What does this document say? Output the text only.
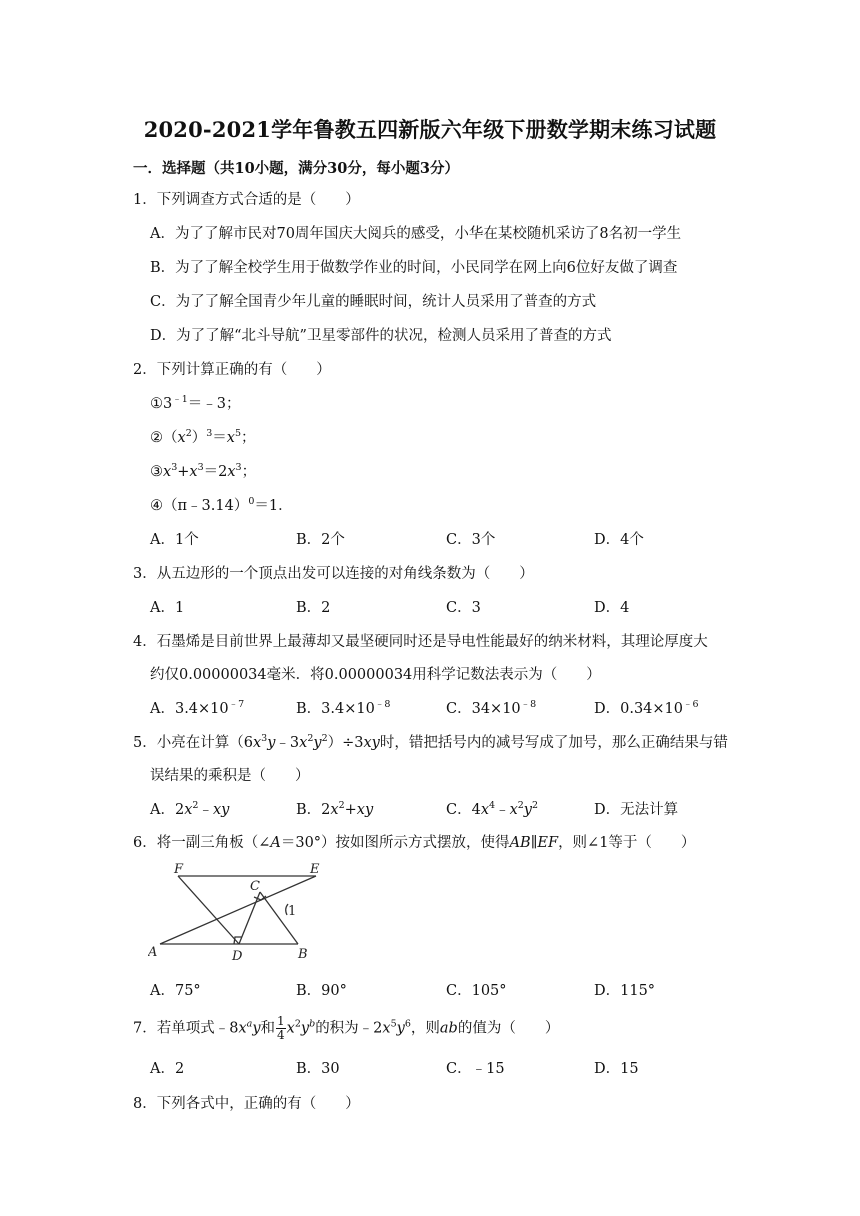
2020-2021学年鲁教五四新版六年级下册数学期末练习试题
一．选择题（共10小题，满分30分，每小题3分）
1．下列调查方式合适的是（　　）
A．为了了解市民对70周年国庆大阅兵的感受，小华在某校随机采访了8名初一学生
B．为了了解全校学生用于做数学作业的时间，小民同学在网上向6位好友做了调查
C．为了了解全国青少年儿童的睡眠时间，统计人员采用了普查的方式
D．为了了解“北斗导航”卫星零部件的状况，检测人员采用了普查的方式
2．下列计算正确的有（　　）
$①3^{﹣1}=﹣3$；
$②(x^2)^3=x^5$；
$③x^3+x^3=2x^3$；
④（π﹣3.14）$^0$＝1．
A．1个	B．2个	C．3个	D．4个
3．从五边形的一个顶点出发可以连接的对角线条数为（　　）
A．1	B．2	C．3	D．4
4．石墨烯是目前世界上最薄却又最坚硬同时还是导电性能最好的纳米材料，其理论厚度大
约仅0.00000034毫米．将0.00000034用科学记数法表示为（　　）
A．$3.4\times 10^{﹣7}$	B．$3.4\times 10^{﹣8}$	C．$34\times 10^{﹣8}$	D．$0.34\times 10^{﹣6}$
5．小亮在计算$(6x^3y﹣3x^2y^2)\div 3xy$时，错把括号内的减号写成了加号，那么正确结果与错
误结果的乘积是（　　）
A．$2x^2﹣xy$	B．$2x^2+xy$	C．$4x^4﹣x^2y^2$	D．无法计算
6．将一副三角板（∠A＝30°）按如图所示方式摆放，使得AB∥EF，则∠1等于（　　）
F	E
C
1
A	D	B
A．75°	B．90°	C．105°	D．115°
7．若单项式$﹣8x^ay$和 $\frac{1}{4} x^2y^b$的积为$﹣2x^5y^6$，则ab的值为（　　）
A．2	B．30	C．﹣15	D．15
8．下列各式中，正确的有（　　）
